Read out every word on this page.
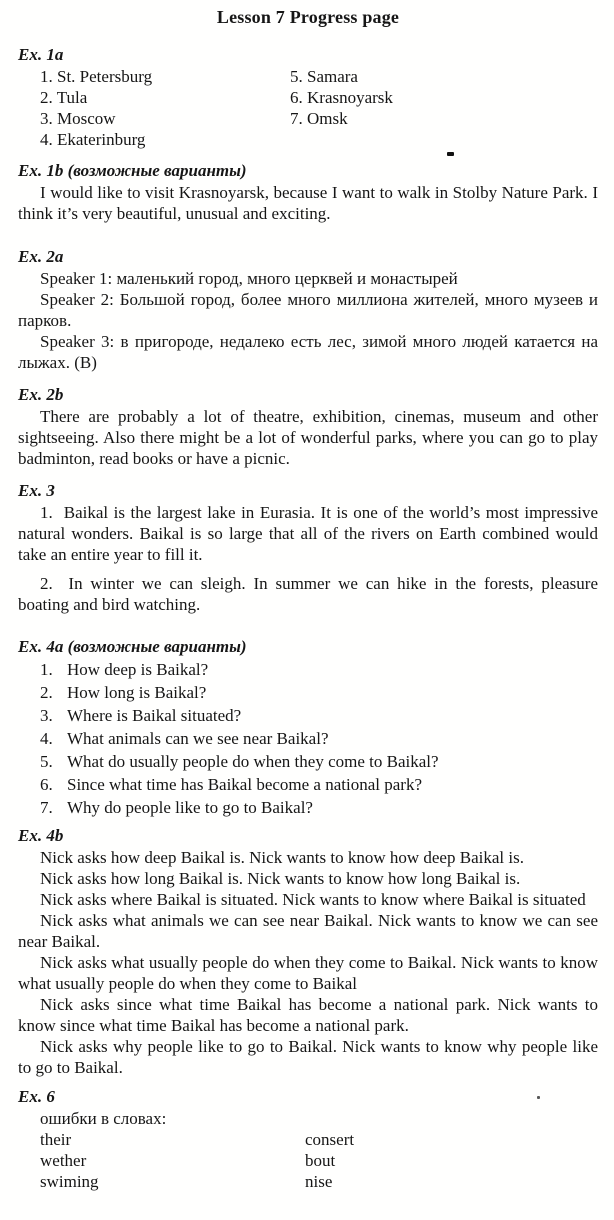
Lesson 7 Progress page
Ex. 1a
1. St. Petersburg
2. Tula
3. Moscow
4. Ekaterinburg
5. Samara
6. Krasnoyarsk
7. Omsk
Ex. 1b (возможные варианты)

I would like to visit Krasnoyarsk, because I want to walk in Stolby Nature Park. I think it’s very beautiful, unusual and exciting.

Ex. 2a

Speaker 1: маленький город, много церквей и монастырей

Speaker 2: Большой город, более много миллиона жителей, много музеев и парков.

Speaker 3: в пригороде, недалеко есть лес, зимой много людей катается на лыжах. (B)

Ex. 2b

There are probably a lot of theatre, exhibition, cinemas, museum and other sightseeing. Also there might be a lot of wonderful parks, where you can go to play badminton, read books or have a picnic.

Ex. 3

1.  Baikal is the largest lake in Eurasia. It is one of the world’s most impressive natural wonders. Baikal is so large that all of the rivers on Earth combined would take an entire year to fill it.

2.  In winter we can sleigh. In summer we can hike in the forests, pleasure boating and bird watching.

Ex. 4a (возможные варианты)
How deep is Baikal?
How long is Baikal?
Where is Baikal situated?
What animals can we see near Baikal?
What do usually people do when they come to Baikal?
Since what time has Baikal become a national park?
Why do people like to go to Baikal?
Ex. 4b

Nick asks how deep Baikal is. Nick wants to know how deep Baikal is.

Nick asks how long Baikal is. Nick wants to know how long Baikal is.

Nick asks where Baikal is situated. Nick wants to know where Baikal is situated

Nick asks what animals we can see near Baikal. Nick wants to know we can see near Baikal.

Nick asks what usually people do when they come to Baikal. Nick wants to know what usually people do when they come to Baikal

Nick asks since what time Baikal has become a national park. Nick wants to know since what time Baikal has become a national park.

Nick asks why people like to go to Baikal. Nick wants to know why people like to go to Baikal.

Ex. 6

ошибки в словах:

their	consert
wether	bout
swiming	nise
